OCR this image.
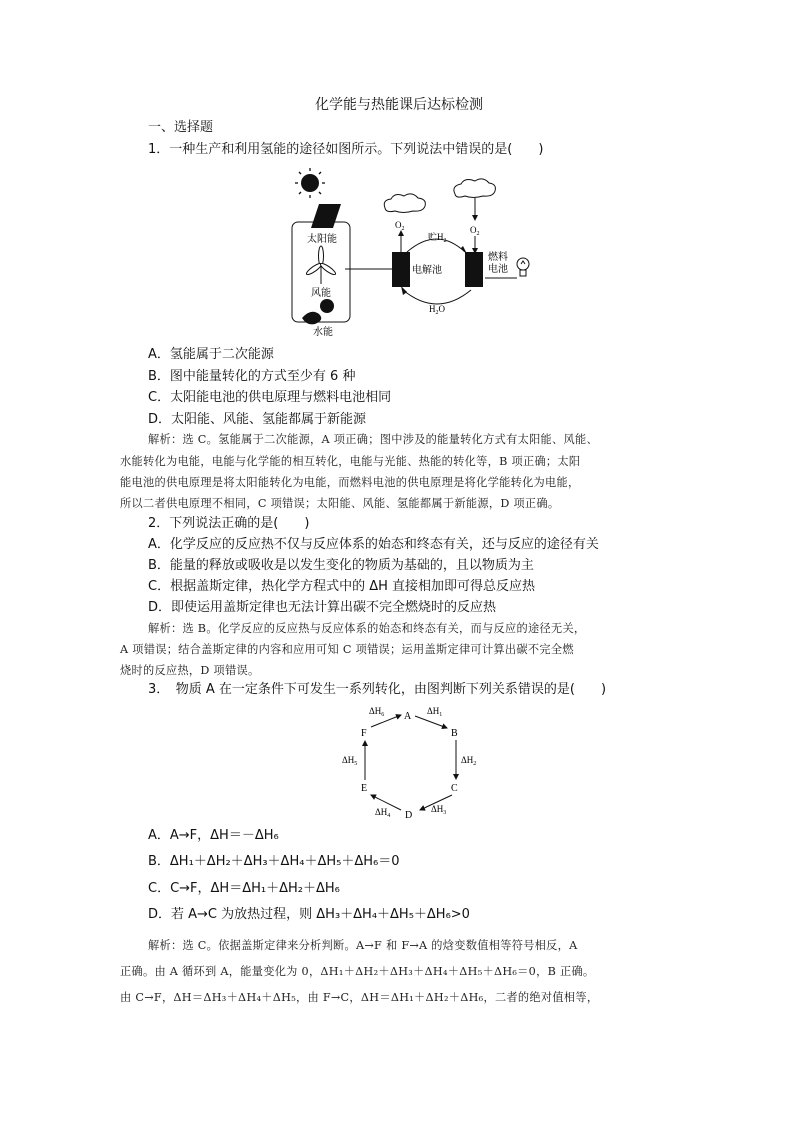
化学能与热能课后达标检测
一、选择题
1．一种生产和利用氢能的途径如图所示。下列说法中错误的是(　　)
太阳能
风能
水能
电解池
燃料
电池
$O_2$	$O_2$
贮$H_2$
$H_2O$
A．氢能属于二次能源
B．图中能量转化的方式至少有 6 种
C．太阳能电池的供电原理与燃料电池相同
D．太阳能、风能、氢能都属于新能源
解析：选 C。氢能属于二次能源，A 项正确；图中涉及的能量转化方式有太阳能、风能、
水能转化为电能，电能与化学能的相互转化，电能与光能、热能的转化等，B 项正确；太阳
能电池的供电原理是将太阳能转化为电能，而燃料电池的供电原理是将化学能转化为电能，
所以二者供电原理不相同，C 项错误；太阳能、风能、氢能都属于新能源，D 项正确。
2．下列说法正确的是(　　)
A．化学反应的反应热不仅与反应体系的始态和终态有关，还与反应的途径有关
B．能量的释放或吸收是以发生变化的物质为基础的，且以物质为主
C．根据盖斯定律，热化学方程式中的 ΔH 直接相加即可得总反应热
D．即使运用盖斯定律也无法计算出碳不完全燃烧时的反应热
解析：选 B。化学反应的反应热与反应体系的始态和终态有关，而与反应的途径无关，
A 项错误；结合盖斯定律的内容和应用可知 C 项错误；运用盖斯定律可计算出碳不完全燃
烧时的反应热，D 项错误。
3．　物质 A 在一定条件下可发生一系列转化，由图判断下列关系错误的是(　　)
A
B
C
D
E
F
$\Delta H_1$
$\Delta H_2$
$\Delta H_3$
$\Delta H_4$
$\Delta H_5$
$\Delta H_6$
A．A→F，ΔH＝－ΔH₆
B．ΔH₁＋ΔH₂＋ΔH₃＋ΔH₄＋ΔH₅＋ΔH₆＝0
C．C→F，ΔH＝ΔH₁＋ΔH₂＋ΔH₆
D．若 A→C 为放热过程，则 ΔH₃＋ΔH₄＋ΔH₅＋ΔH₆>0
解析：选 C。依据盖斯定律来分析判断。A→F 和 F→A 的焓变数值相等符号相反，A
正确。由 A 循环到 A，能量变化为 0，ΔH₁＋ΔH₂＋ΔH₃＋ΔH₄＋ΔH₅＋ΔH₆＝0，B 正确。
由 C→F，ΔH＝ΔH₃＋ΔH₄＋ΔH₅，由 F→C，ΔH＝ΔH₁＋ΔH₂＋ΔH₆，二者的绝对值相等，
